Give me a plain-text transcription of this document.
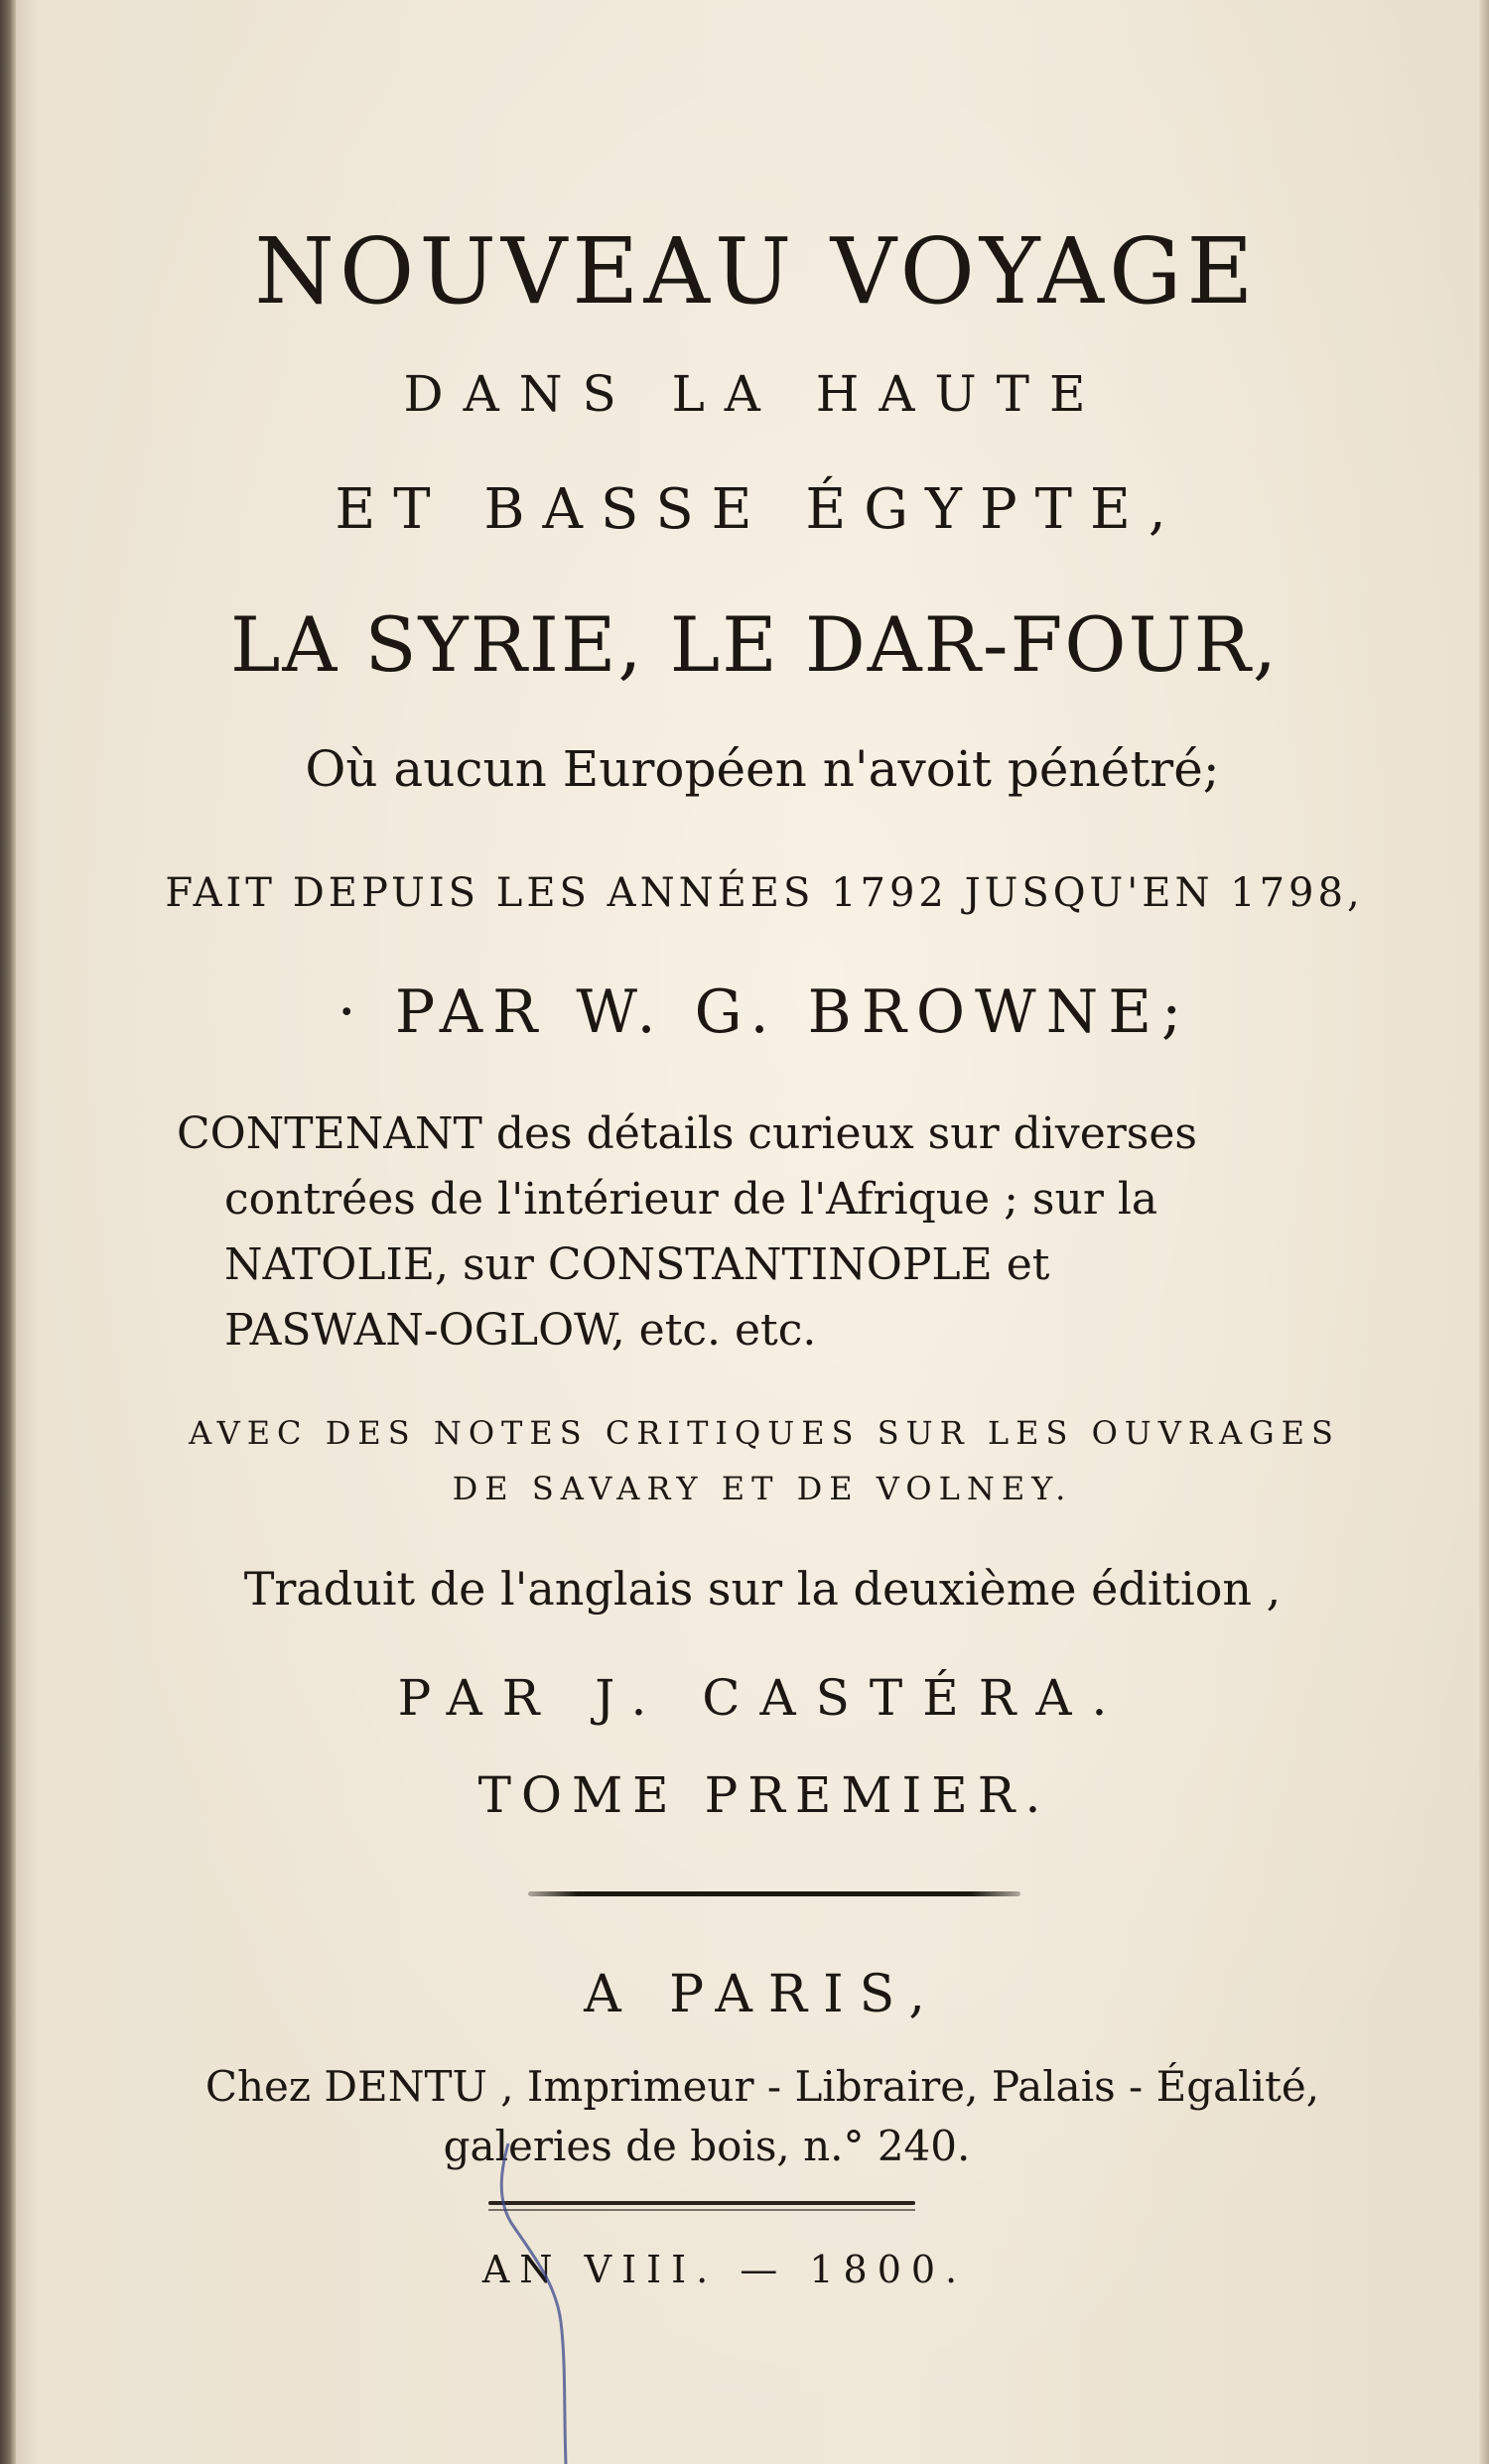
NOUVEAU VOYAGE
DANS LA HAUTE
ET BASSE ÉGYPTE,
LA SYRIE, LE DAR-FOUR,
Où aucun Européen n'avoit pénétré;
FAIT DEPUIS LES ANNÉES 1792 JUSQU'EN 1798,
· PAR W. G. BROWNE;

CONTENANT des détails curieux sur diverses

contrées de l'intérieur de l'Afrique ; sur la

NATOLIE, sur CONSTANTINOPLE et

PASWAN-OGLOW, etc. etc.

AVEC DES NOTES CRITIQUES SUR LES OUVRAGES
DE SAVARY ET DE VOLNEY.
Traduit de l'anglais sur la deuxième édition ,
PAR J. CASTÉRA.
TOME PREMIER.
A PARIS,
Chez DENTU , Imprimeur - Libraire, Palais - Égalité,
galeries de bois, n.° 240.
AN VIII. — 1800.
